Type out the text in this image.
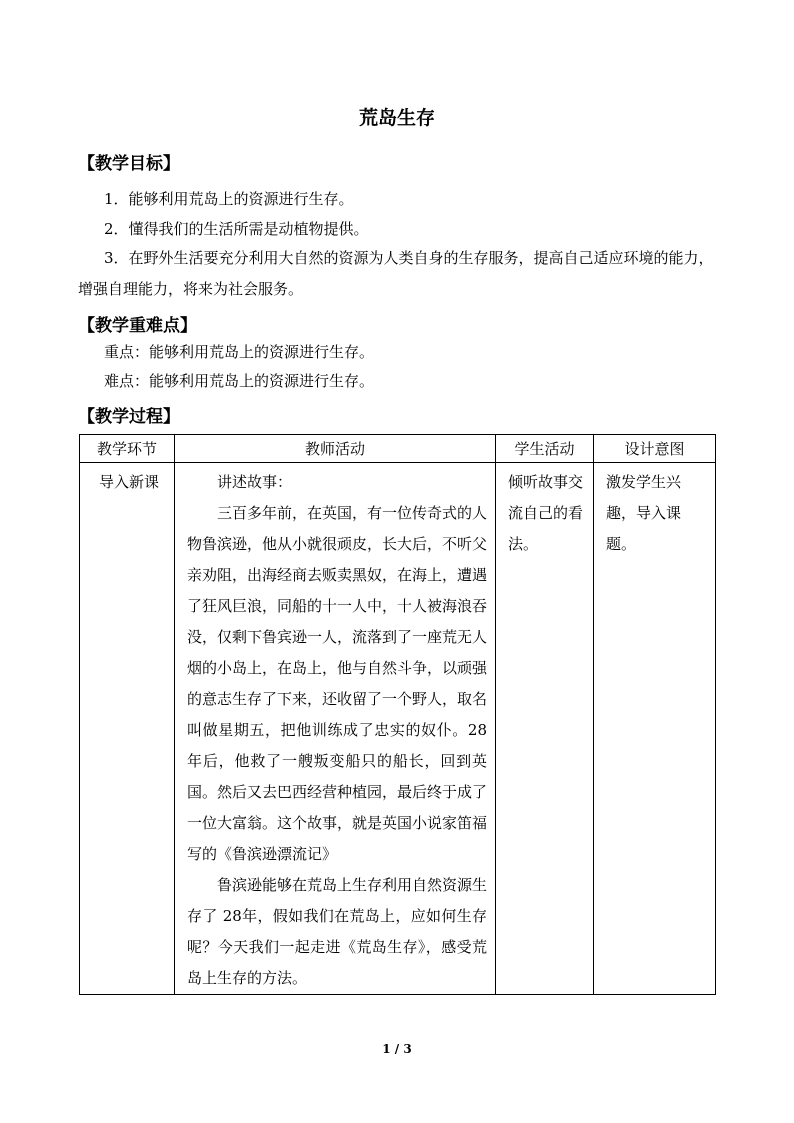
荒岛生存
【教学目标】
1．能够利用荒岛上的资源进行生存。
2．懂得我们的生活所需是动植物提供。
3．在野外生活要充分利用大自然的资源为人类自身的生存服务，提高自己适应环境的能力，增强自理能力，将来为社会服务。
【教学重难点】
重点：能够利用荒岛上的资源进行生存。
难点：能够利用荒岛上的资源进行生存。
【教学过程】
教学环节	教师活动	学生活动	设计意图
导入新课	讲述故事：

三百多年前，在英国，有一位传奇式的人物鲁滨逊，他从小就很顽皮，长大后，不听父亲劝阻，出海经商去贩卖黑奴，在海上，遭遇了狂风巨浪，同船的十一人中，十人被海浪吞没，仅剩下鲁宾逊一人，流落到了一座荒无人烟的小岛上，在岛上，他与自然斗争，以顽强的意志生存了下来，还收留了一个野人，取名叫做星期五，把他训练成了忠实的奴仆。28年后，他救了一艘叛变船只的船长，回到英国。然后又去巴西经营种植园，最后终于成了一位大富翁。这个故事，就是英国小说家笛福写的《鲁滨逊漂流记》

鲁滨逊能够在荒岛上生存利用自然资源生存了 28年，假如我们在荒岛上，应如何生存呢？今天我们一起走进《荒岛生存》，感受荒岛上生存的方法。	倾听故事交流自己的看法。	激发学生兴趣，导入课题。
1 / 3
